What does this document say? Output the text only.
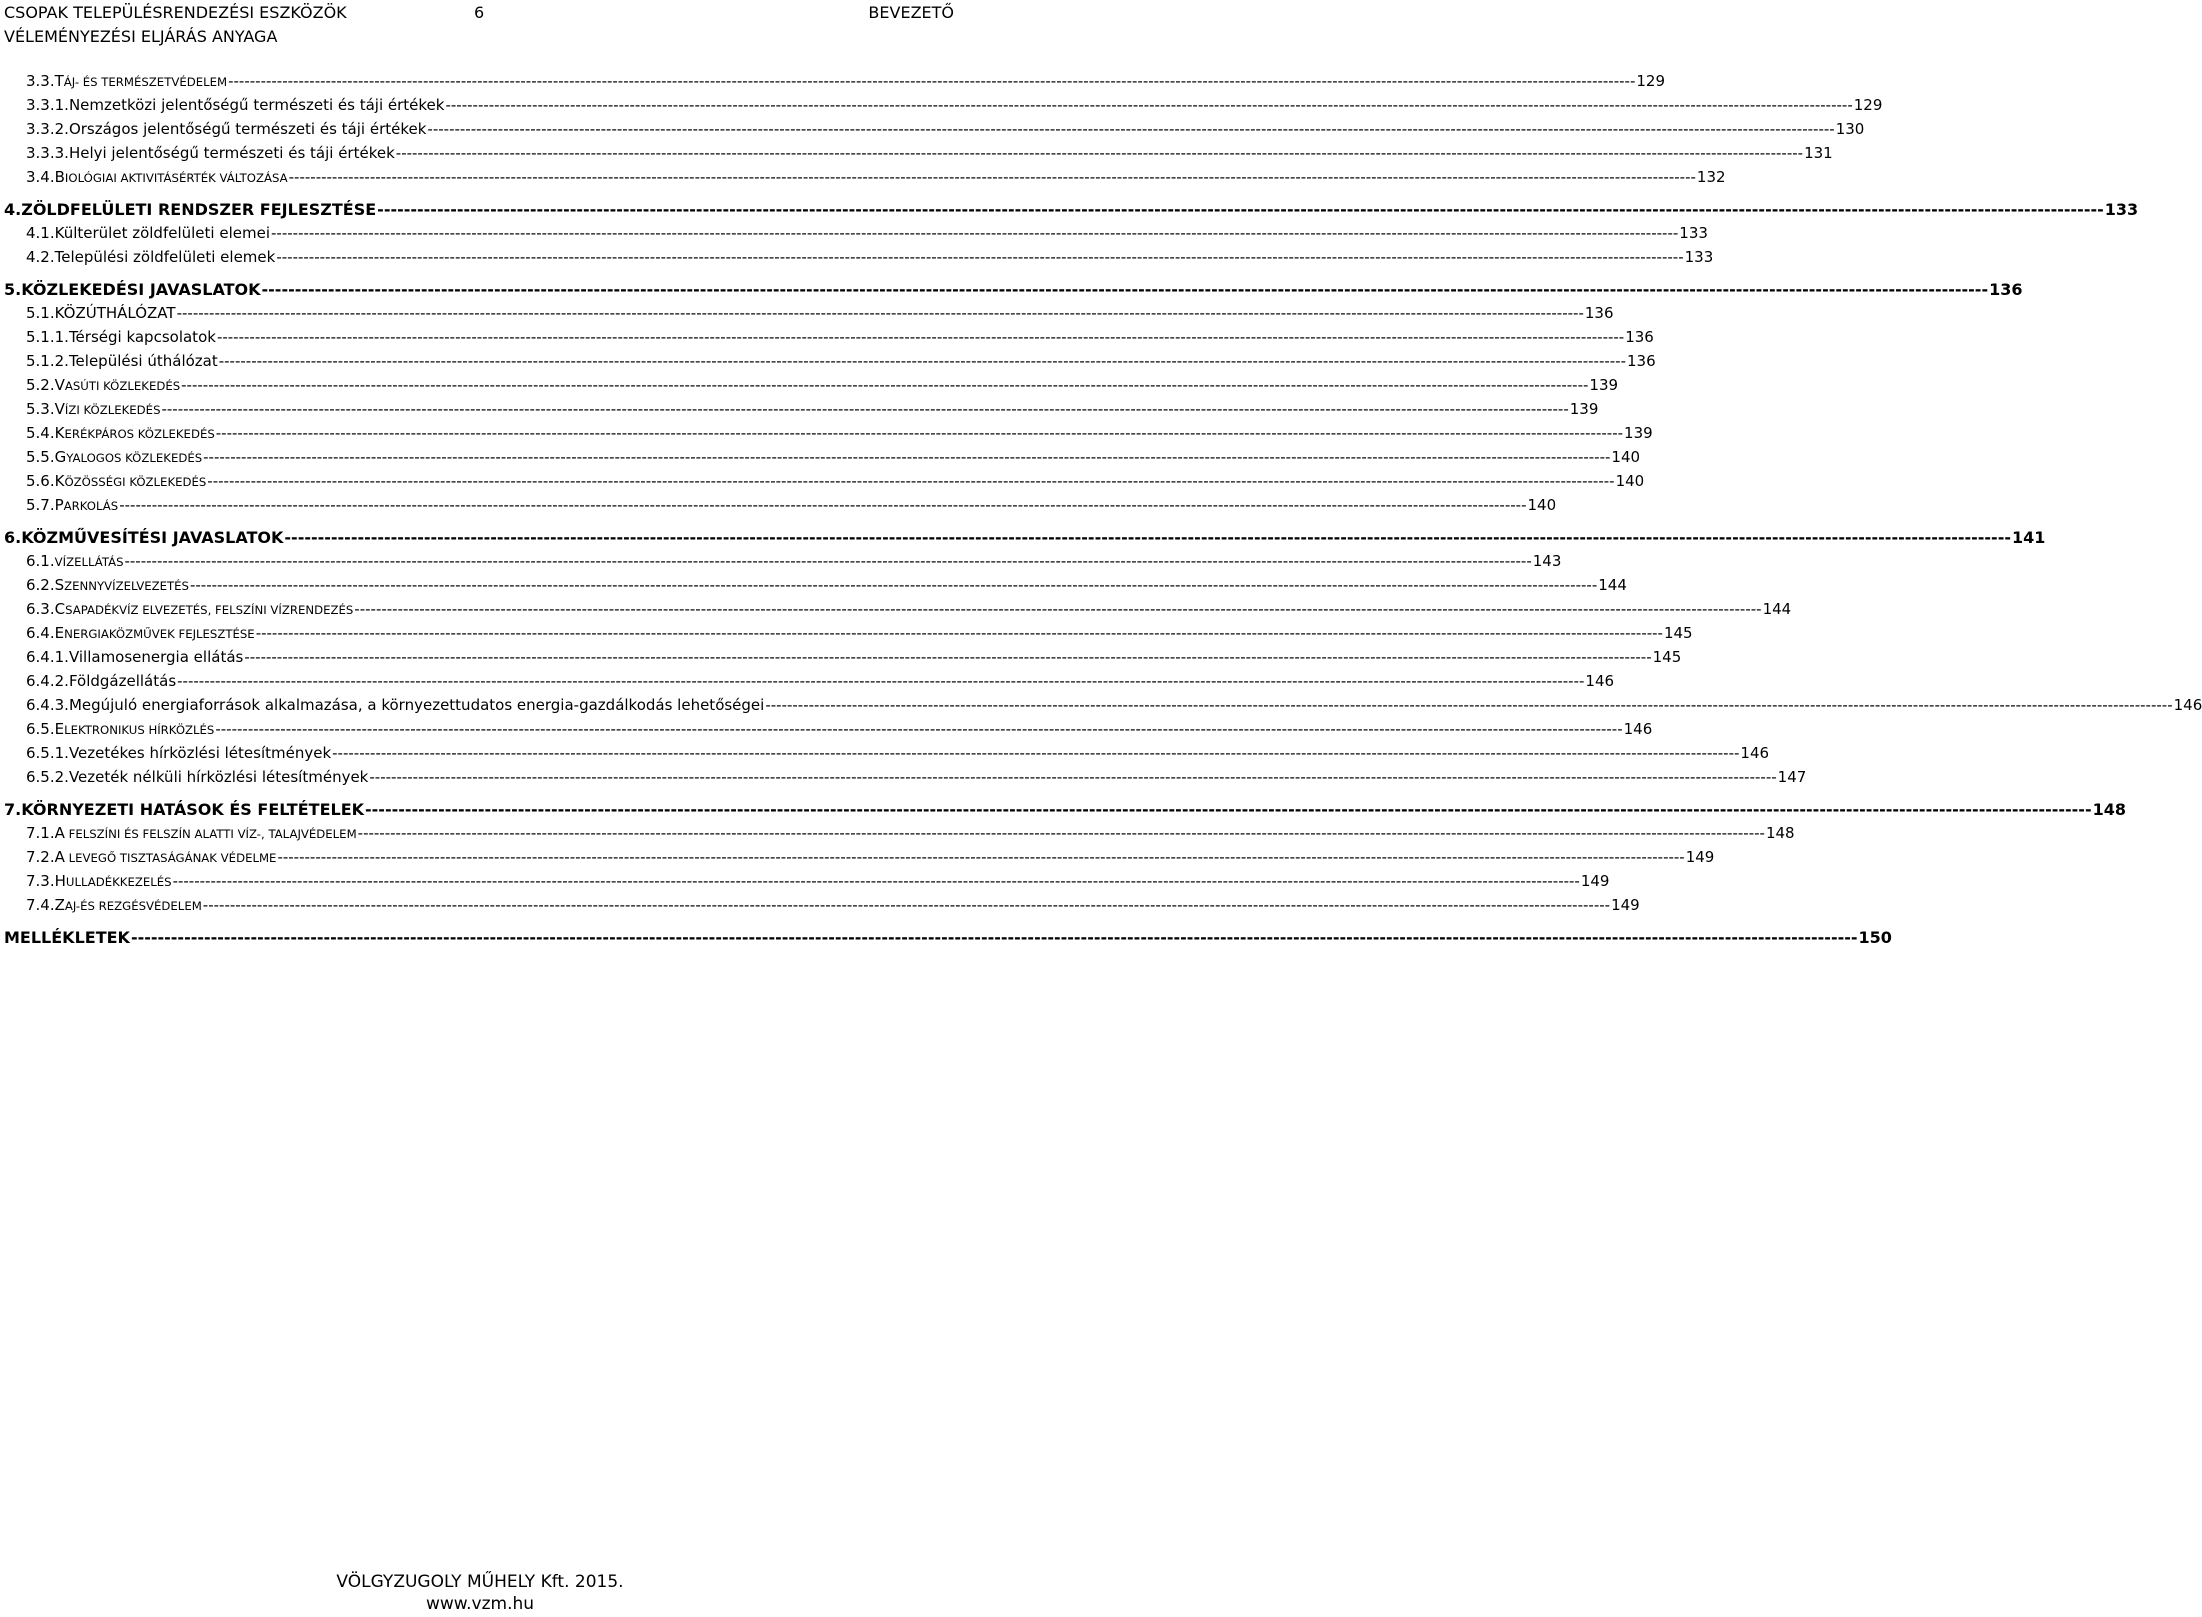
CSOPAK TELEPÜLÉSRENDEZÉSI ESZKÖZÖK	6	BEVEZETŐ
VÉLEMÉNYEZÉSI ELJÁRÁS ANYAGA
3.3. TÁJ- ÉS TERMÉSZETVÉDELEM -------------------------------------------------------------------------------------------------------------------------------------------------------------------------------------------------------------------------------------------------------------------- 129
3.3.1. Nemzetközi jelentőségű természeti és táji értékek -------------------------------------------------------------------------------------------------------------------------------------------------------------------------------------------------------------------------------------------------------------------- 129
3.3.2. Országos jelentőségű természeti és táji értékek -------------------------------------------------------------------------------------------------------------------------------------------------------------------------------------------------------------------------------------------------------------------- 130
3.3.3. Helyi jelentőségű természeti és táji értékek -------------------------------------------------------------------------------------------------------------------------------------------------------------------------------------------------------------------------------------------------------------------- 131
3.4. BIOLÓGIAI AKTIVITÁSÉRTÉK VÁLTOZÁSA -------------------------------------------------------------------------------------------------------------------------------------------------------------------------------------------------------------------------------------------------------------------- 132
4. ZÖLDFELÜLETI RENDSZER FEJLESZTÉSE -------------------------------------------------------------------------------------------------------------------------------------------------------------------------------------------------------------------------------------------------------------------- 133
4.1. Külterület zöldfelületi elemei -------------------------------------------------------------------------------------------------------------------------------------------------------------------------------------------------------------------------------------------------------------------- 133
4.2. Települési zöldfelületi elemek -------------------------------------------------------------------------------------------------------------------------------------------------------------------------------------------------------------------------------------------------------------------- 133
5. KÖZLEKEDÉSI JAVASLATOK -------------------------------------------------------------------------------------------------------------------------------------------------------------------------------------------------------------------------------------------------------------------- 136
5.1. KÖZÚTHÁLÓZAT -------------------------------------------------------------------------------------------------------------------------------------------------------------------------------------------------------------------------------------------------------------------- 136
5.1.1. Térségi kapcsolatok -------------------------------------------------------------------------------------------------------------------------------------------------------------------------------------------------------------------------------------------------------------------- 136
5.1.2. Települési úthálózat -------------------------------------------------------------------------------------------------------------------------------------------------------------------------------------------------------------------------------------------------------------------- 136
5.2. VASÚTI KÖZLEKEDÉS -------------------------------------------------------------------------------------------------------------------------------------------------------------------------------------------------------------------------------------------------------------------- 139
5.3. VÍZI KÖZLEKEDÉS -------------------------------------------------------------------------------------------------------------------------------------------------------------------------------------------------------------------------------------------------------------------- 139
5.4. KERÉKPÁROS KÖZLEKEDÉS -------------------------------------------------------------------------------------------------------------------------------------------------------------------------------------------------------------------------------------------------------------------- 139
5.5. GYALOGOS KÖZLEKEDÉS -------------------------------------------------------------------------------------------------------------------------------------------------------------------------------------------------------------------------------------------------------------------- 140
5.6. KÖZÖSSÉGI KÖZLEKEDÉS -------------------------------------------------------------------------------------------------------------------------------------------------------------------------------------------------------------------------------------------------------------------- 140
5.7. PARKOLÁS -------------------------------------------------------------------------------------------------------------------------------------------------------------------------------------------------------------------------------------------------------------------- 140
6. KÖZMŰVESÍTÉSI JAVASLATOK -------------------------------------------------------------------------------------------------------------------------------------------------------------------------------------------------------------------------------------------------------------------- 141
6.1. VÍZELLÁTÁS -------------------------------------------------------------------------------------------------------------------------------------------------------------------------------------------------------------------------------------------------------------------- 143
6.2. SZENNYVÍZELVEZETÉS -------------------------------------------------------------------------------------------------------------------------------------------------------------------------------------------------------------------------------------------------------------------- 144
6.3. CSAPADÉKVÍZ ELVEZETÉS, FELSZÍNI VÍZRENDEZÉS -------------------------------------------------------------------------------------------------------------------------------------------------------------------------------------------------------------------------------------------------------------------- 144
6.4. ENERGIAKÖZMŰVEK FEJLESZTÉSE -------------------------------------------------------------------------------------------------------------------------------------------------------------------------------------------------------------------------------------------------------------------- 145
6.4.1. Villamosenergia ellátás -------------------------------------------------------------------------------------------------------------------------------------------------------------------------------------------------------------------------------------------------------------------- 145
6.4.2. Földgázellátás -------------------------------------------------------------------------------------------------------------------------------------------------------------------------------------------------------------------------------------------------------------------- 146
6.4.3. Megújuló energiaforrások alkalmazása, a környezettudatos energia-gazdálkodás lehetőségei -------------------------------------------------------------------------------------------------------------------------------------------------------------------------------------------------------------------------------------------------------------------- 146
6.5. ELEKTRONIKUS HÍRKÖZLÉS -------------------------------------------------------------------------------------------------------------------------------------------------------------------------------------------------------------------------------------------------------------------- 146
6.5.1. Vezetékes hírközlési létesítmények -------------------------------------------------------------------------------------------------------------------------------------------------------------------------------------------------------------------------------------------------------------------- 146
6.5.2. Vezeték nélküli hírközlési létesítmények -------------------------------------------------------------------------------------------------------------------------------------------------------------------------------------------------------------------------------------------------------------------- 147
7. KÖRNYEZETI HATÁSOK ÉS FELTÉTELEK -------------------------------------------------------------------------------------------------------------------------------------------------------------------------------------------------------------------------------------------------------------------- 148
7.1. A FELSZÍNI ÉS FELSZÍN ALATTI VÍZ-, TALAJVÉDELEM -------------------------------------------------------------------------------------------------------------------------------------------------------------------------------------------------------------------------------------------------------------------- 148
7.2. A LEVEGŐ TISZTASÁGÁNAK VÉDELME -------------------------------------------------------------------------------------------------------------------------------------------------------------------------------------------------------------------------------------------------------------------- 149
7.3. HULLADÉKKEZELÉS -------------------------------------------------------------------------------------------------------------------------------------------------------------------------------------------------------------------------------------------------------------------- 149
7.4. ZAJ-ÉS REZGÉSVÉDELEM -------------------------------------------------------------------------------------------------------------------------------------------------------------------------------------------------------------------------------------------------------------------- 149
MELLÉKLETEK -------------------------------------------------------------------------------------------------------------------------------------------------------------------------------------------------------------------------------------------------------------------- 150
VÖLGYZUGOLY MŰHELY Kft. 2015.
www.vzm.hu
